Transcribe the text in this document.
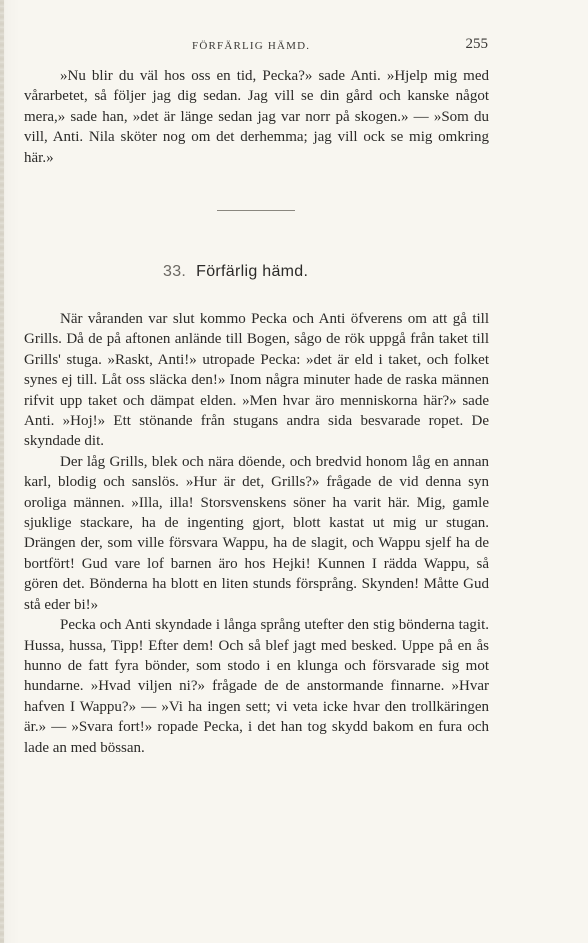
FÖRFÄRLIG HÄMD.	255

»Nu blir du väl hos oss en tid, Pecka?» sade Anti. »Hjelp mig med vårarbetet, så följer jag dig sedan. Jag vill se din gård och kanske något mera,» sade han, »det är länge sedan jag var norr på skogen.» — »Som du vill, Anti. Nila sköter nog om det derhemma; jag vill ock se mig omkring här.»

33. Förfärlig hämd.

När våranden var slut kommo Pecka och Anti öfverens om att gå till Grills. Då de på aftonen anlände till Bogen, sågo de rök uppgå från taket till Grills' stuga. »Raskt, Anti!» utropade Pecka: »det är eld i taket, och folket synes ej till. Låt oss släcka den!» Inom några minuter hade de raska männen rifvit upp taket och dämpat elden. »Men hvar äro menniskorna här?» sade Anti. »Hoj!» Ett stönande från stugans andra sida besvarade ropet. De skyndade dit.

Der låg Grills, blek och nära döende, och bredvid honom låg en annan karl, blodig och sanslös. »Hur är det, Grills?» frågade de vid denna syn oroliga männen. »Illa, illa! Storsvenskens söner ha varit här. Mig, gamle sjuklige stackare, ha de ingenting gjort, blott kastat ut mig ur stugan. Drängen der, som ville försvara Wappu, ha de slagit, och Wappu sjelf ha de bortfört! Gud vare lof barnen äro hos Hejki! Kunnen I rädda Wappu, så gören det. Bönderna ha blott en liten stunds försprång. Skynden! Måtte Gud stå eder bi!»

Pecka och Anti skyndade i långa språng utefter den stig bönderna tagit. Hussa, hussa, Tipp! Efter dem! Och så blef jagt med besked. Uppe på en ås hunno de fatt fyra bönder, som stodo i en klunga och försvarade sig mot hundarne. »Hvad viljen ni?» frågade de de anstormande finnarne. »Hvar hafven I Wappu?» — »Vi ha ingen sett; vi veta icke hvar den trollkäringen är.» — »Svara fort!» ropade Pecka, i det han tog skydd bakom en fura och lade an med bössan.
